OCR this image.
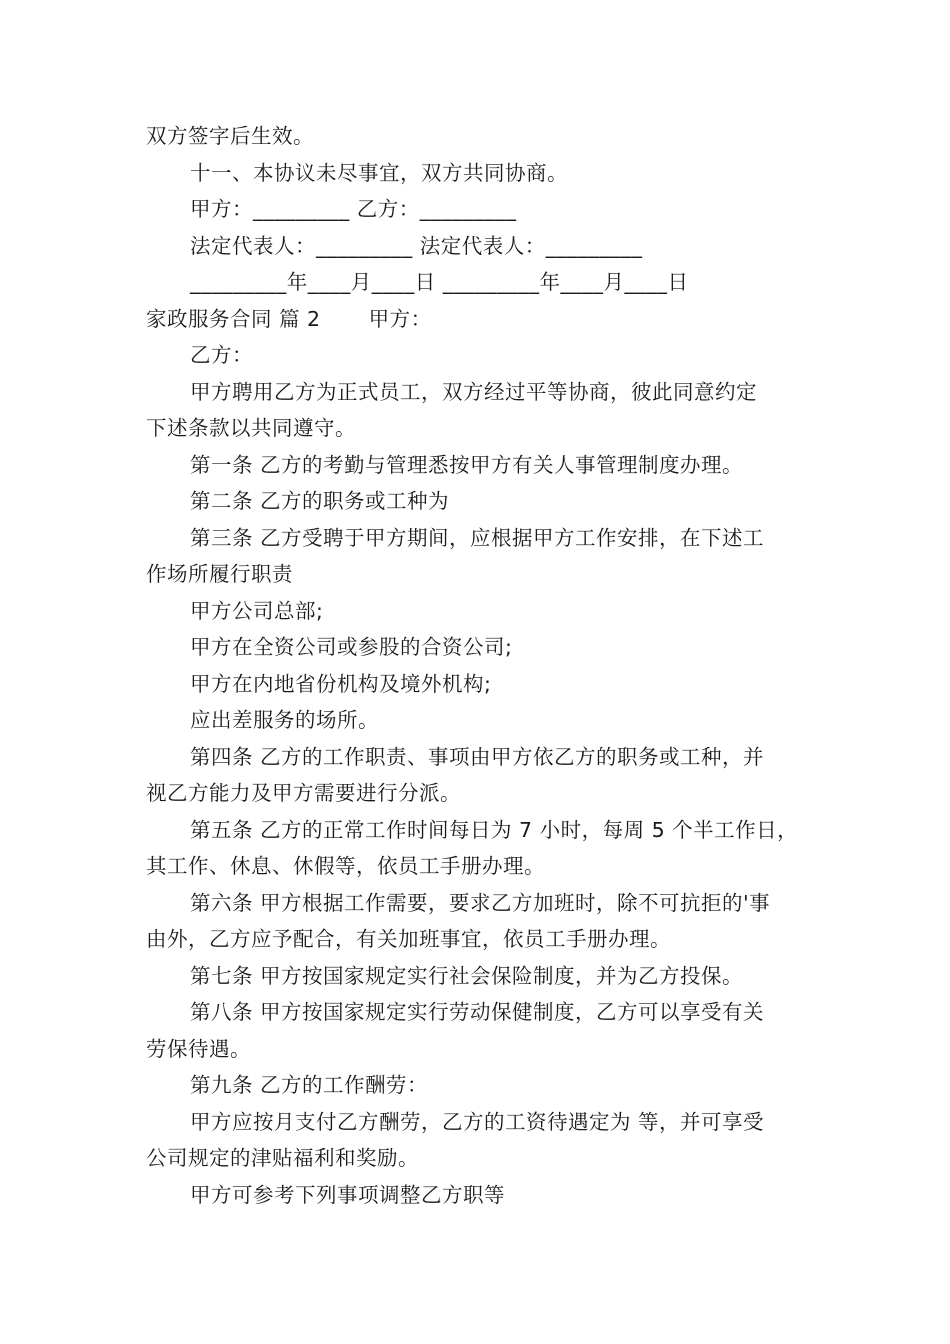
双方签字后生效。
十一、本协议未尽事宜，双方共同协商。
甲方：_________ 乙方：_________
法定代表人：_________ 法定代表人：_________
_________年____月____日 _________年____月____日
家政服务合同 篇 2 甲方：
乙方：
甲方聘用乙方为正式员工，双方经过平等协商，彼此同意约定
下述条款以共同遵守。
第一条 乙方的考勤与管理悉按甲方有关人事管理制度办理。
第二条 乙方的职务或工种为
第三条 乙方受聘于甲方期间，应根据甲方工作安排，在下述工
作场所履行职责
甲方公司总部;
甲方在全资公司或参股的合资公司;
甲方在内地省份机构及境外机构;
应出差服务的场所。
第四条 乙方的工作职责、事项由甲方依乙方的职务或工种，并
视乙方能力及甲方需要进行分派。
第五条 乙方的正常工作时间每日为 7 小时，每周 5 个半工作日，
其工作、休息、休假等，依员工手册办理。
第六条 甲方根据工作需要，要求乙方加班时，除不可抗拒的'事
由外，乙方应予配合，有关加班事宜，依员工手册办理。
第七条 甲方按国家规定实行社会保险制度，并为乙方投保。
第八条 甲方按国家规定实行劳动保健制度，乙方可以享受有关
劳保待遇。
第九条 乙方的工作酬劳：
甲方应按月支付乙方酬劳，乙方的工资待遇定为 等，并可享受
公司规定的津贴福利和奖励。
甲方可参考下列事项调整乙方职等
